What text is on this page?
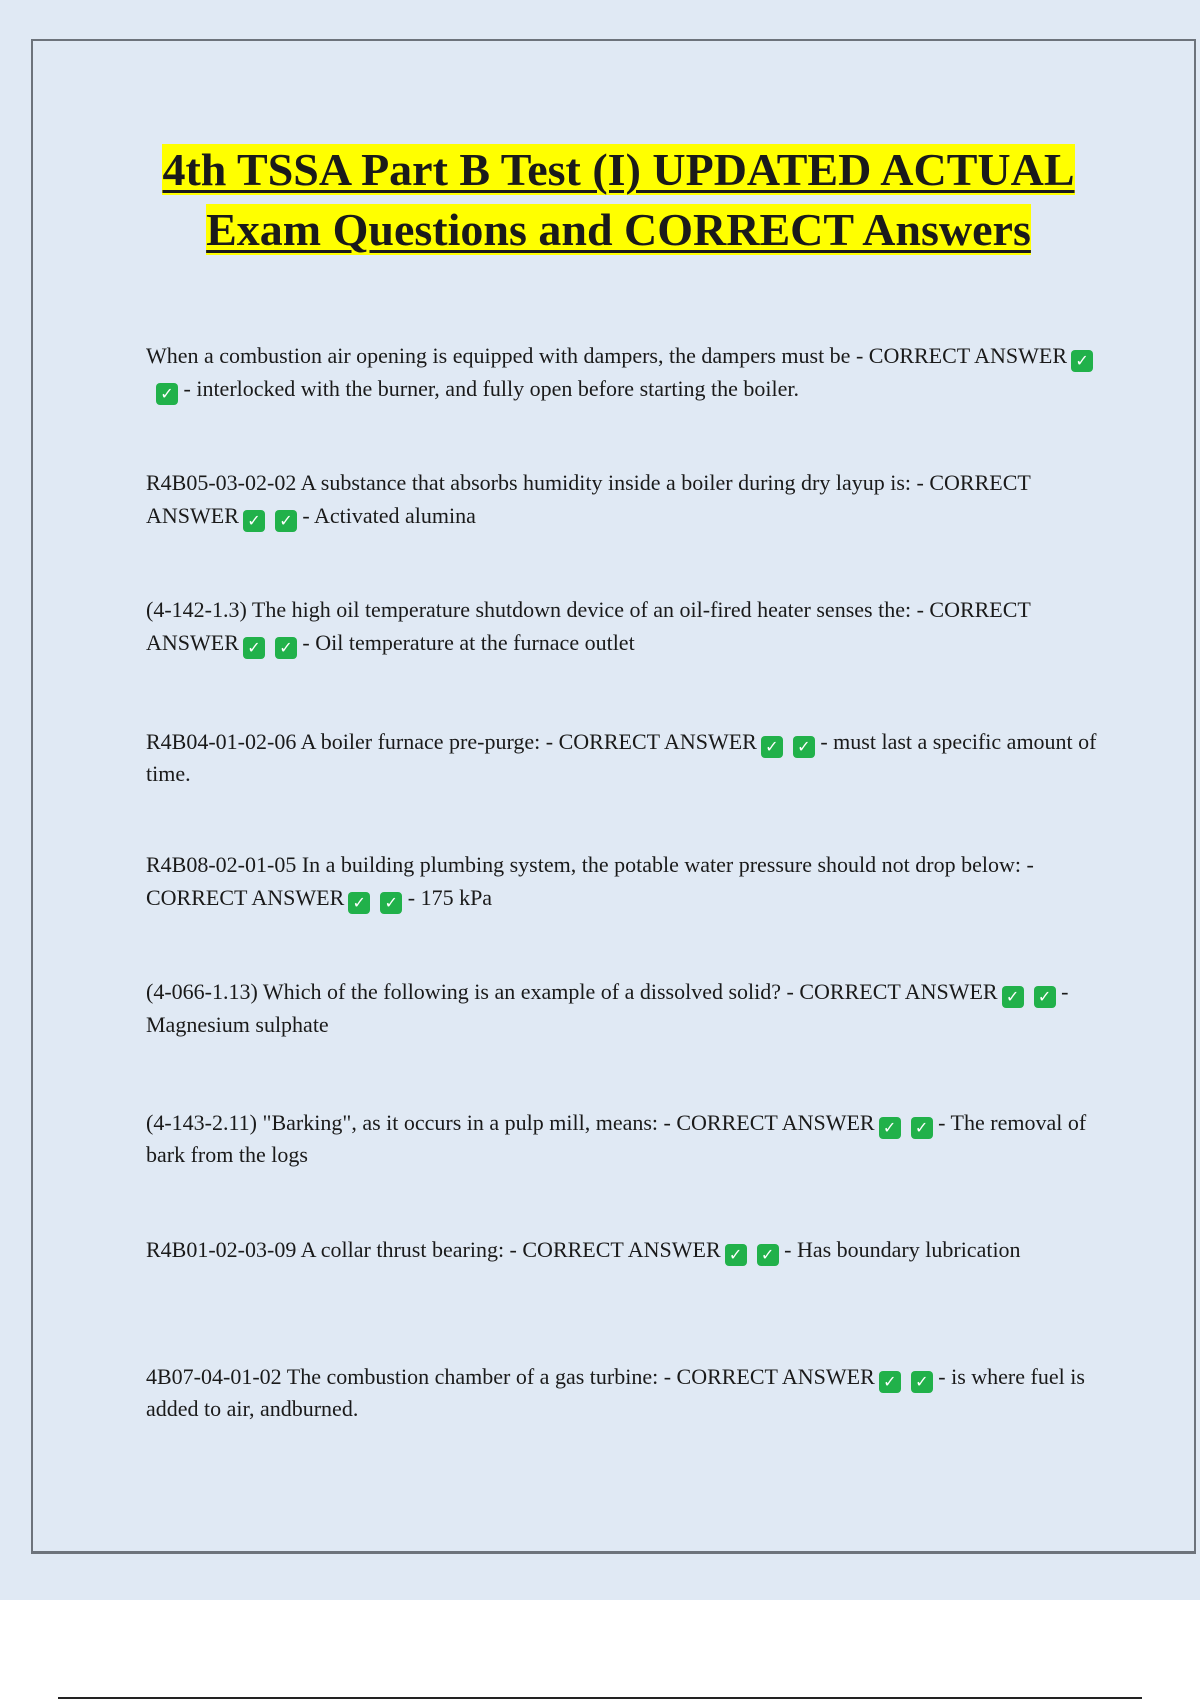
4th TSSA Part B Test (I) UPDATED ACTUAL Exam Questions and CORRECT Answers

When a combustion air opening is equipped with dampers, the dampers must be - CORRECT ANSWER ✓✓ - interlocked with the burner, and fully open before starting the boiler.

R4B05-03-02-02 A substance that absorbs humidity inside a boiler during dry layup is: - CORRECT ANSWER ✓ ✓ - Activated alumina

(4-142-1.3) The high oil temperature shutdown device of an oil-fired heater senses the: - CORRECT ANSWER ✓ ✓ - Oil temperature at the furnace outlet

R4B04-01-02-06 A boiler furnace pre-purge: - CORRECT ANSWER ✓ ✓ - must last a specific amount of time.

R4B08-02-01-05 In a building plumbing system, the potable water pressure should not drop below: - CORRECT ANSWER ✓ ✓ - 175 kPa

(4-066-1.13) Which of the following is an example of a dissolved solid? - CORRECT ANSWER ✓ ✓ - Magnesium sulphate

(4-143-2.11) "Barking", as it occurs in a pulp mill, means: - CORRECT ANSWER ✓ ✓ - The removal of bark from the logs

R4B01-02-03-09 A collar thrust bearing: - CORRECT ANSWER ✓ ✓ - Has boundary lubrication

4B07-04-01-02 The combustion chamber of a gas turbine: - CORRECT ANSWER ✓ ✓ - is where fuel is added to air, andburned.
